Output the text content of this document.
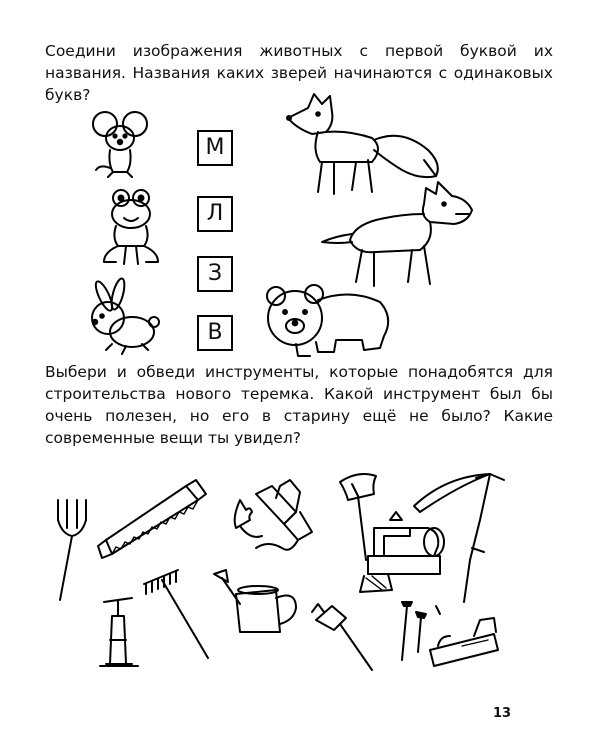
Соедини изображения животных с первой буквой их названия. Названия каких зверей начинаются с одинаковых букв?

М
Л
З
В

Выбери и обведи инструменты, которые понадобятся для строительства нового теремка. Какой инструмент был бы очень полезен, но его в старину ещё не было? Какие современные вещи ты увидел?

13
